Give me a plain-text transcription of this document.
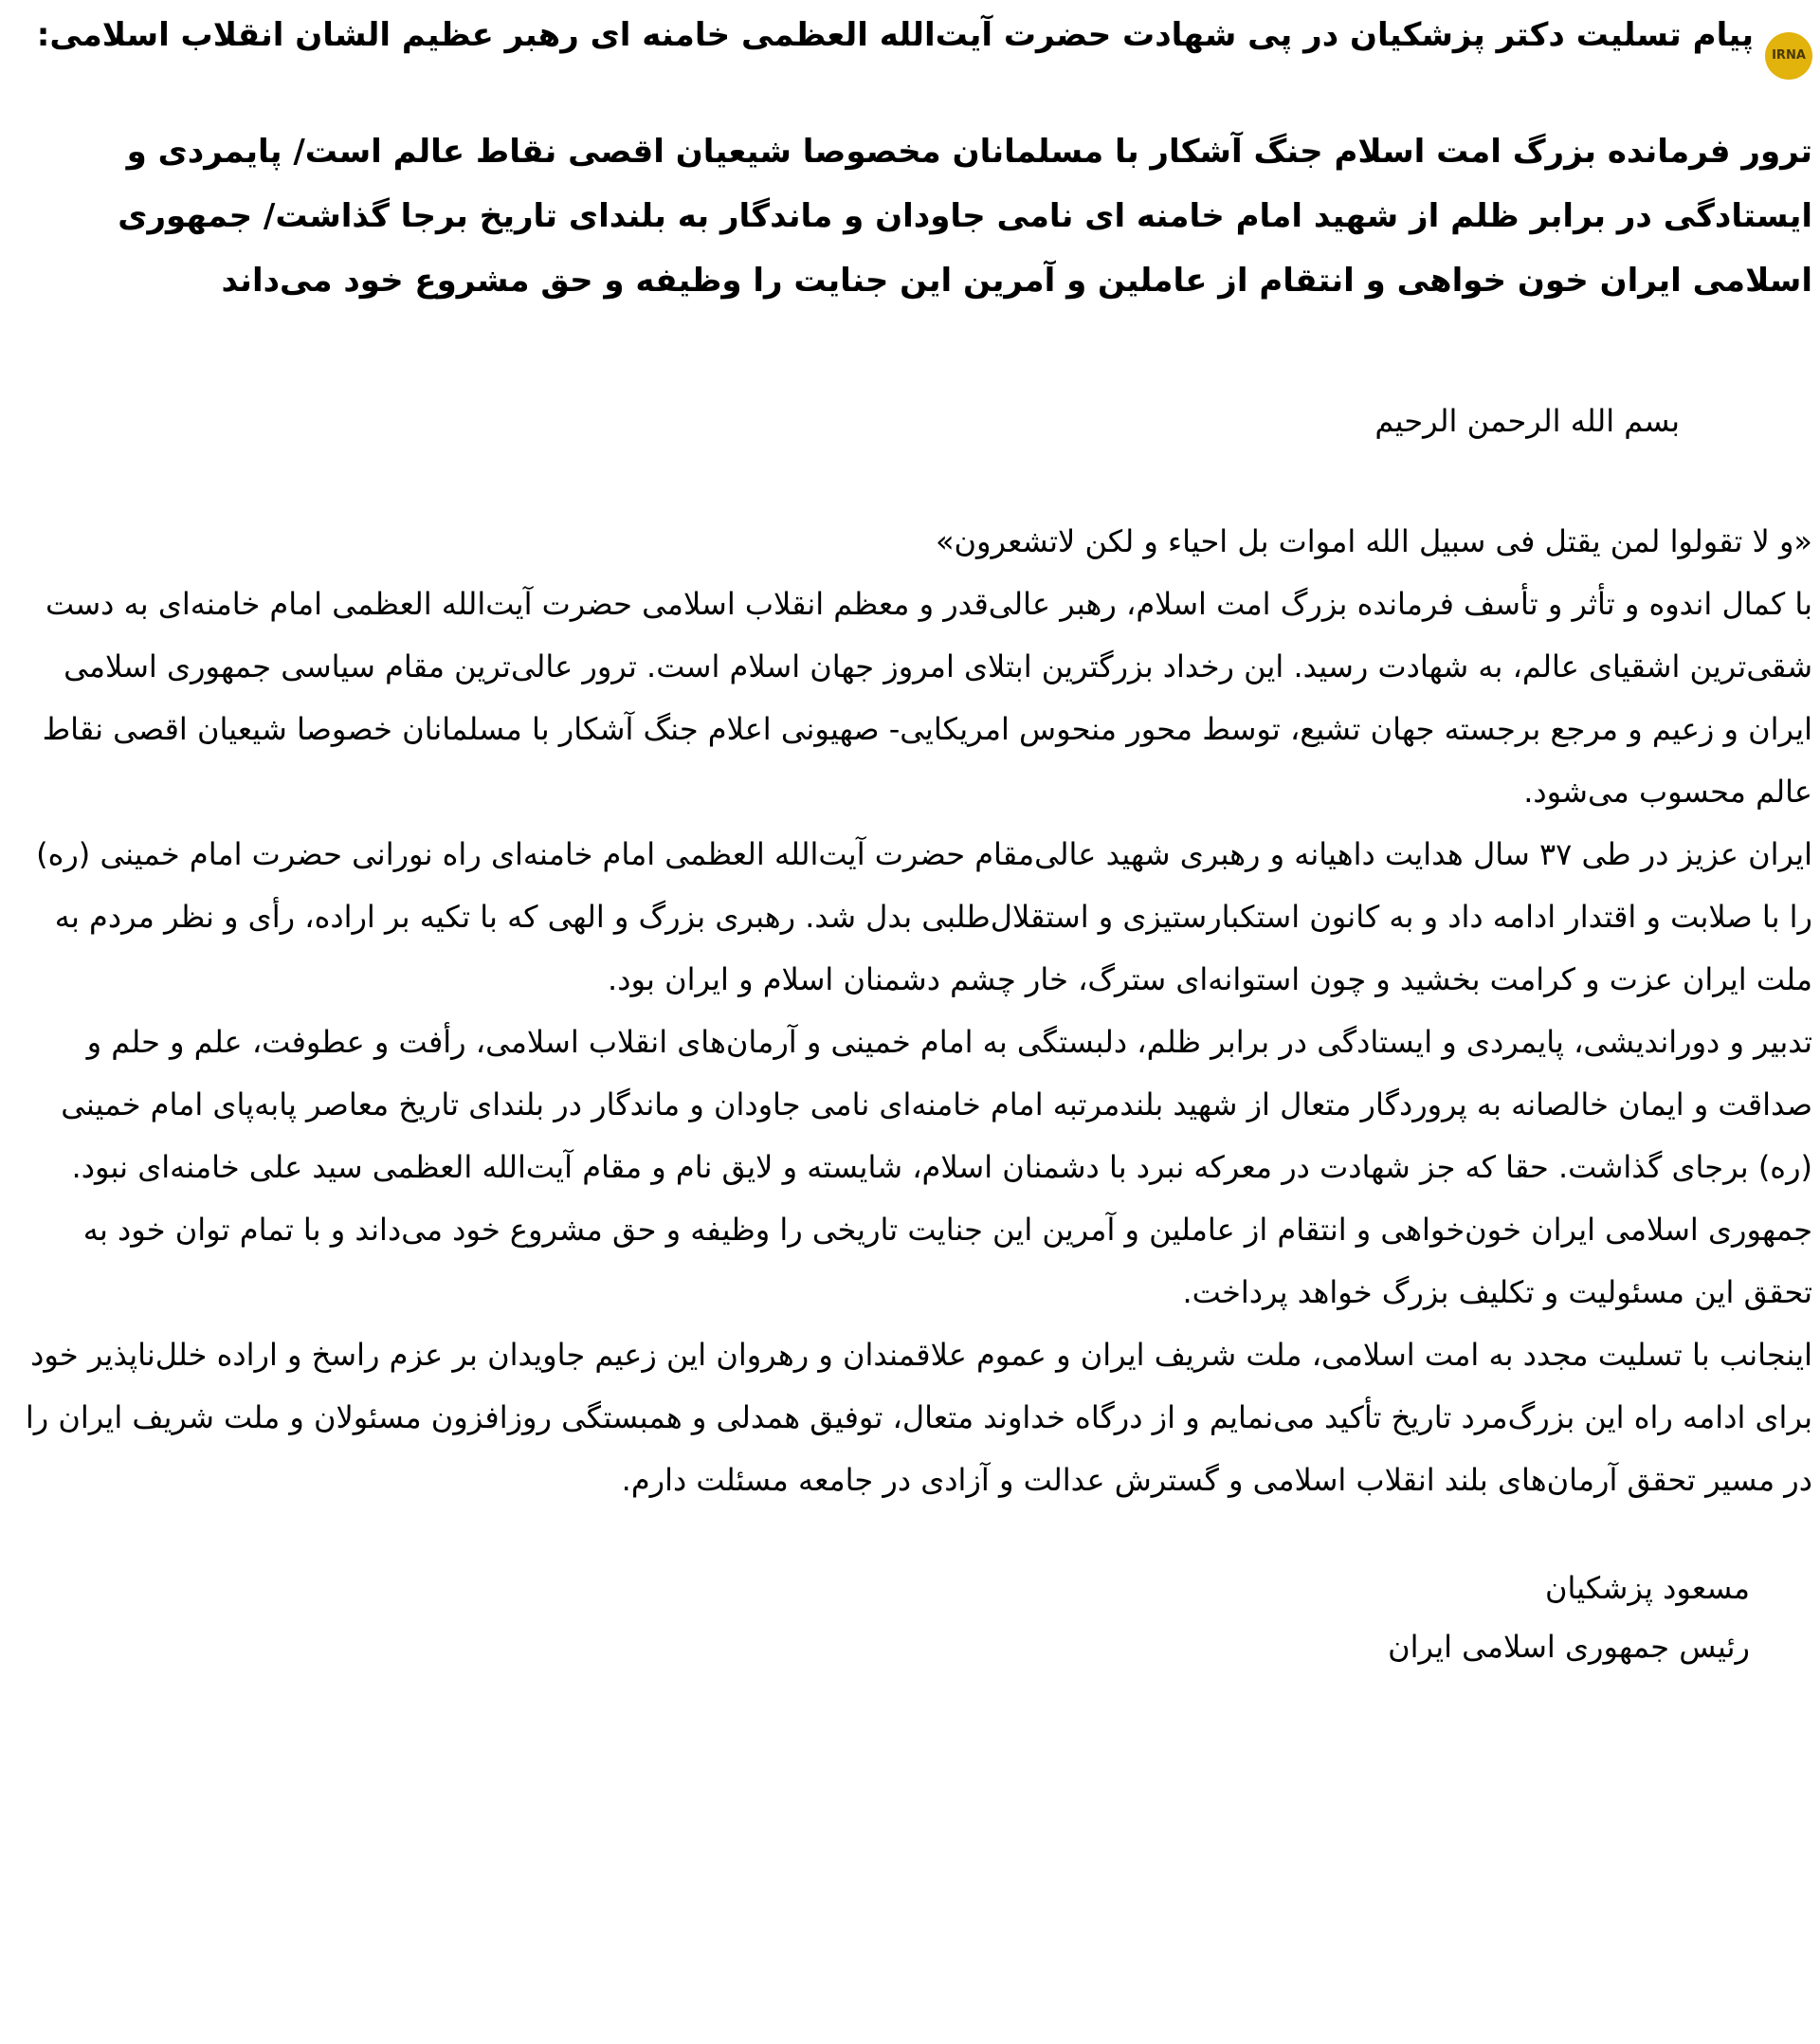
IRNAپیام تسلیت دکتر پزشکیان در پی شهادت حضرت آیت‌الله العظمی خامنه ای رهبر عظیم الشان انقلاب اسلامی:

ترور فرمانده بزرگ امت اسلام جنگ آشکار با مسلمانان مخصوصا شیعیان اقصی نقاط عالم است/ پایمردی و ایستادگی در برابر ظلم از شهید امام خامنه ای نامی جاودان و ماندگار به بلندای تاریخ برجا گذاشت/ جمهوری اسلامی ایران خون خواهی و انتقام از عاملین و آمرین این جنایت را وظیفه و حق مشروع خود می‌داند

بسم الله الرحمن الرحیم

«و لا تقولوا لمن یقتل فی سبیل الله اموات بل احیاء و لکن لاتشعرون»

با کمال اندوه و تأثر و تأسف فرمانده بزرگ امت اسلام، رهبر عالی‌قدر و معظم انقلاب اسلامی حضرت آیت‌الله العظمی امام خامنه‌ای به دست شقی‌ترین اشقیای عالم، به شهادت رسید. این رخداد بزرگترین ابتلای امروز جهان اسلام است. ترور عالی‌ترین مقام سیاسی جمهوری اسلامی ایران و زعیم و مرجع برجسته جهان تشیع، توسط محور منحوس امریکایی- صهیونی اعلام جنگ آشکار با مسلمانان خصوصا شیعیان اقصی نقاط عالم محسوب می‌شود.

ایران عزیز در طی ۳۷ سال هدایت داهیانه و رهبری شهید عالی‌مقام حضرت آیت‌الله العظمی امام خامنه‌ای راه نورانی حضرت امام خمینی (ره) را با صلابت و اقتدار ادامه داد و به کانون استکبارستیزی و استقلال‌طلبی بدل شد. رهبری بزرگ و الهی که با تکیه بر اراده، رأی و نظر مردم به ملت ایران عزت و کرامت بخشید و چون استوانه‌ای سترگ، خار چشم دشمنان اسلام و ایران بود.

تدبیر و دوراندیشی، پایمردی و ایستادگی در برابر ظلم، دلبستگی به امام خمینی و آرمان‌های انقلاب اسلامی، رأفت و عطوفت، علم و حلم و صداقت و ایمان خالصانه به پروردگار متعال از شهید بلندمرتبه امام خامنه‌ای نامی جاودان و ماندگار در بلندای تاریخ معاصر پابه‌پای امام خمینی (ره) برجای گذاشت. حقا که جز شهادت در معرکه نبرد با دشمنان اسلام، شایسته و لایق نام و مقام آیت‌الله العظمی سید علی خامنه‌ای نبود.

جمهوری اسلامی ایران خون‌خواهی و انتقام از عاملین و آمرین این جنایت تاریخی را وظیفه و حق مشروع خود می‌داند و با تمام توان خود به تحقق این مسئولیت و تکلیف بزرگ خواهد پرداخت.

اینجانب با تسلیت مجدد به امت اسلامی، ملت شریف ایران و عموم علاقمندان و رهروان این زعیم جاویدان بر عزم راسخ و اراده خلل‌ناپذیر خود برای ادامه راه این بزرگ‌مرد تاریخ تأکید می‌نمایم و از درگاه خداوند متعال، توفیق همدلی و همبستگی روزافزون مسئولان و ملت شریف ایران را در مسیر تحقق آرمان‌های بلند انقلاب اسلامی و گسترش عدالت و آزادی در جامعه مسئلت دارم.

مسعود پزشکیان
رئیس جمهوری اسلامی ایران
